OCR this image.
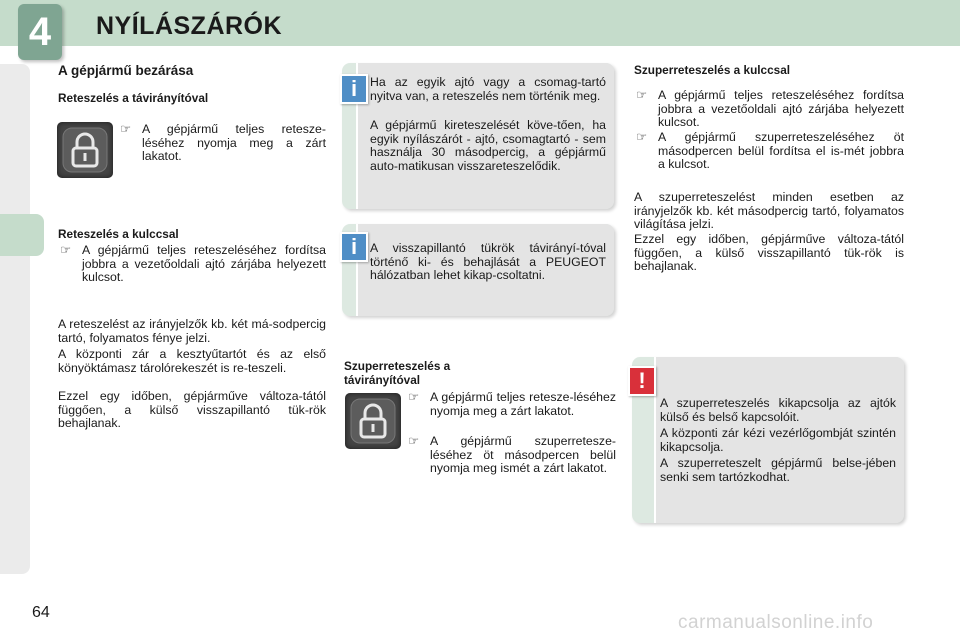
4	NYÍLÁSZÁRÓK
A gépjármű bezárása
Reteszelés a távirányítóval
☞ A gépjármű teljes retesze-léséhez nyomja meg a zárt lakatot.
Reteszelés a kulccsal
☞ A gépjármű teljes reteszeléséhez fordítsa jobbra a vezetőoldali ajtó zárjába helyezett kulcsot.

A reteszelést az irányjelzők kb. két má-sodpercig tartó, folyamatos fénye jelzi.

A központi zár a kesztyűtartót és az első könyöktámasz tárolórekeszét is re-teszeli.

Ezzel egy időben, gépjárműve változa-tától függően, a külső visszapillantó tük-rök behajlanak.

Ha az egyik ajtó vagy a csomag-tartó nyitva van, a reteszelés nem történik meg.

A gépjármű kireteszelését köve-tően, ha egyik nyílászárót - ajtó, csomagtartó - sem használja 30 másodpercig, a gépjármű auto-matikusan visszareteszelődik.

i

A visszapillantó tükrök távirányí-tóval történő ki- és behajlását a PEUGEOT hálózatban lehet kikap-csoltatni.

i
Szuperreteszelés a
távirányítóval
☞ A gépjármű teljes retesze-léséhez nyomja meg a zárt lakatot.
☞ A gépjármű szuperretesze-léséhez öt másodpercen belül nyomja meg ismét a zárt lakatot.
Szuperreteszelés a kulccsal
☞ A gépjármű teljes reteszeléséhez fordítsa jobbra a vezetőoldali ajtó zárjába helyezett kulcsot.
☞ A gépjármű szuperreteszeléséhez öt másodpercen belül fordítsa el is-mét jobbra a kulcsot.

A szuperreteszelést minden esetben az irányjelzők kb. két másodpercig tartó, folyamatos világítása jelzi.

Ezzel egy időben, gépjárműve változa-tától függően, a külső visszapillantó tük-rök is behajlanak.

A szuperreteszelés kikapcsolja az ajtók külső és belső kapcsolóit.

A központi zár kézi vezérlőgombját szintén kikapcsolja.

A szuperreteszelt gépjármű belse-jében senki sem tartózkodhat.

!
64	carmanualsonline.info
